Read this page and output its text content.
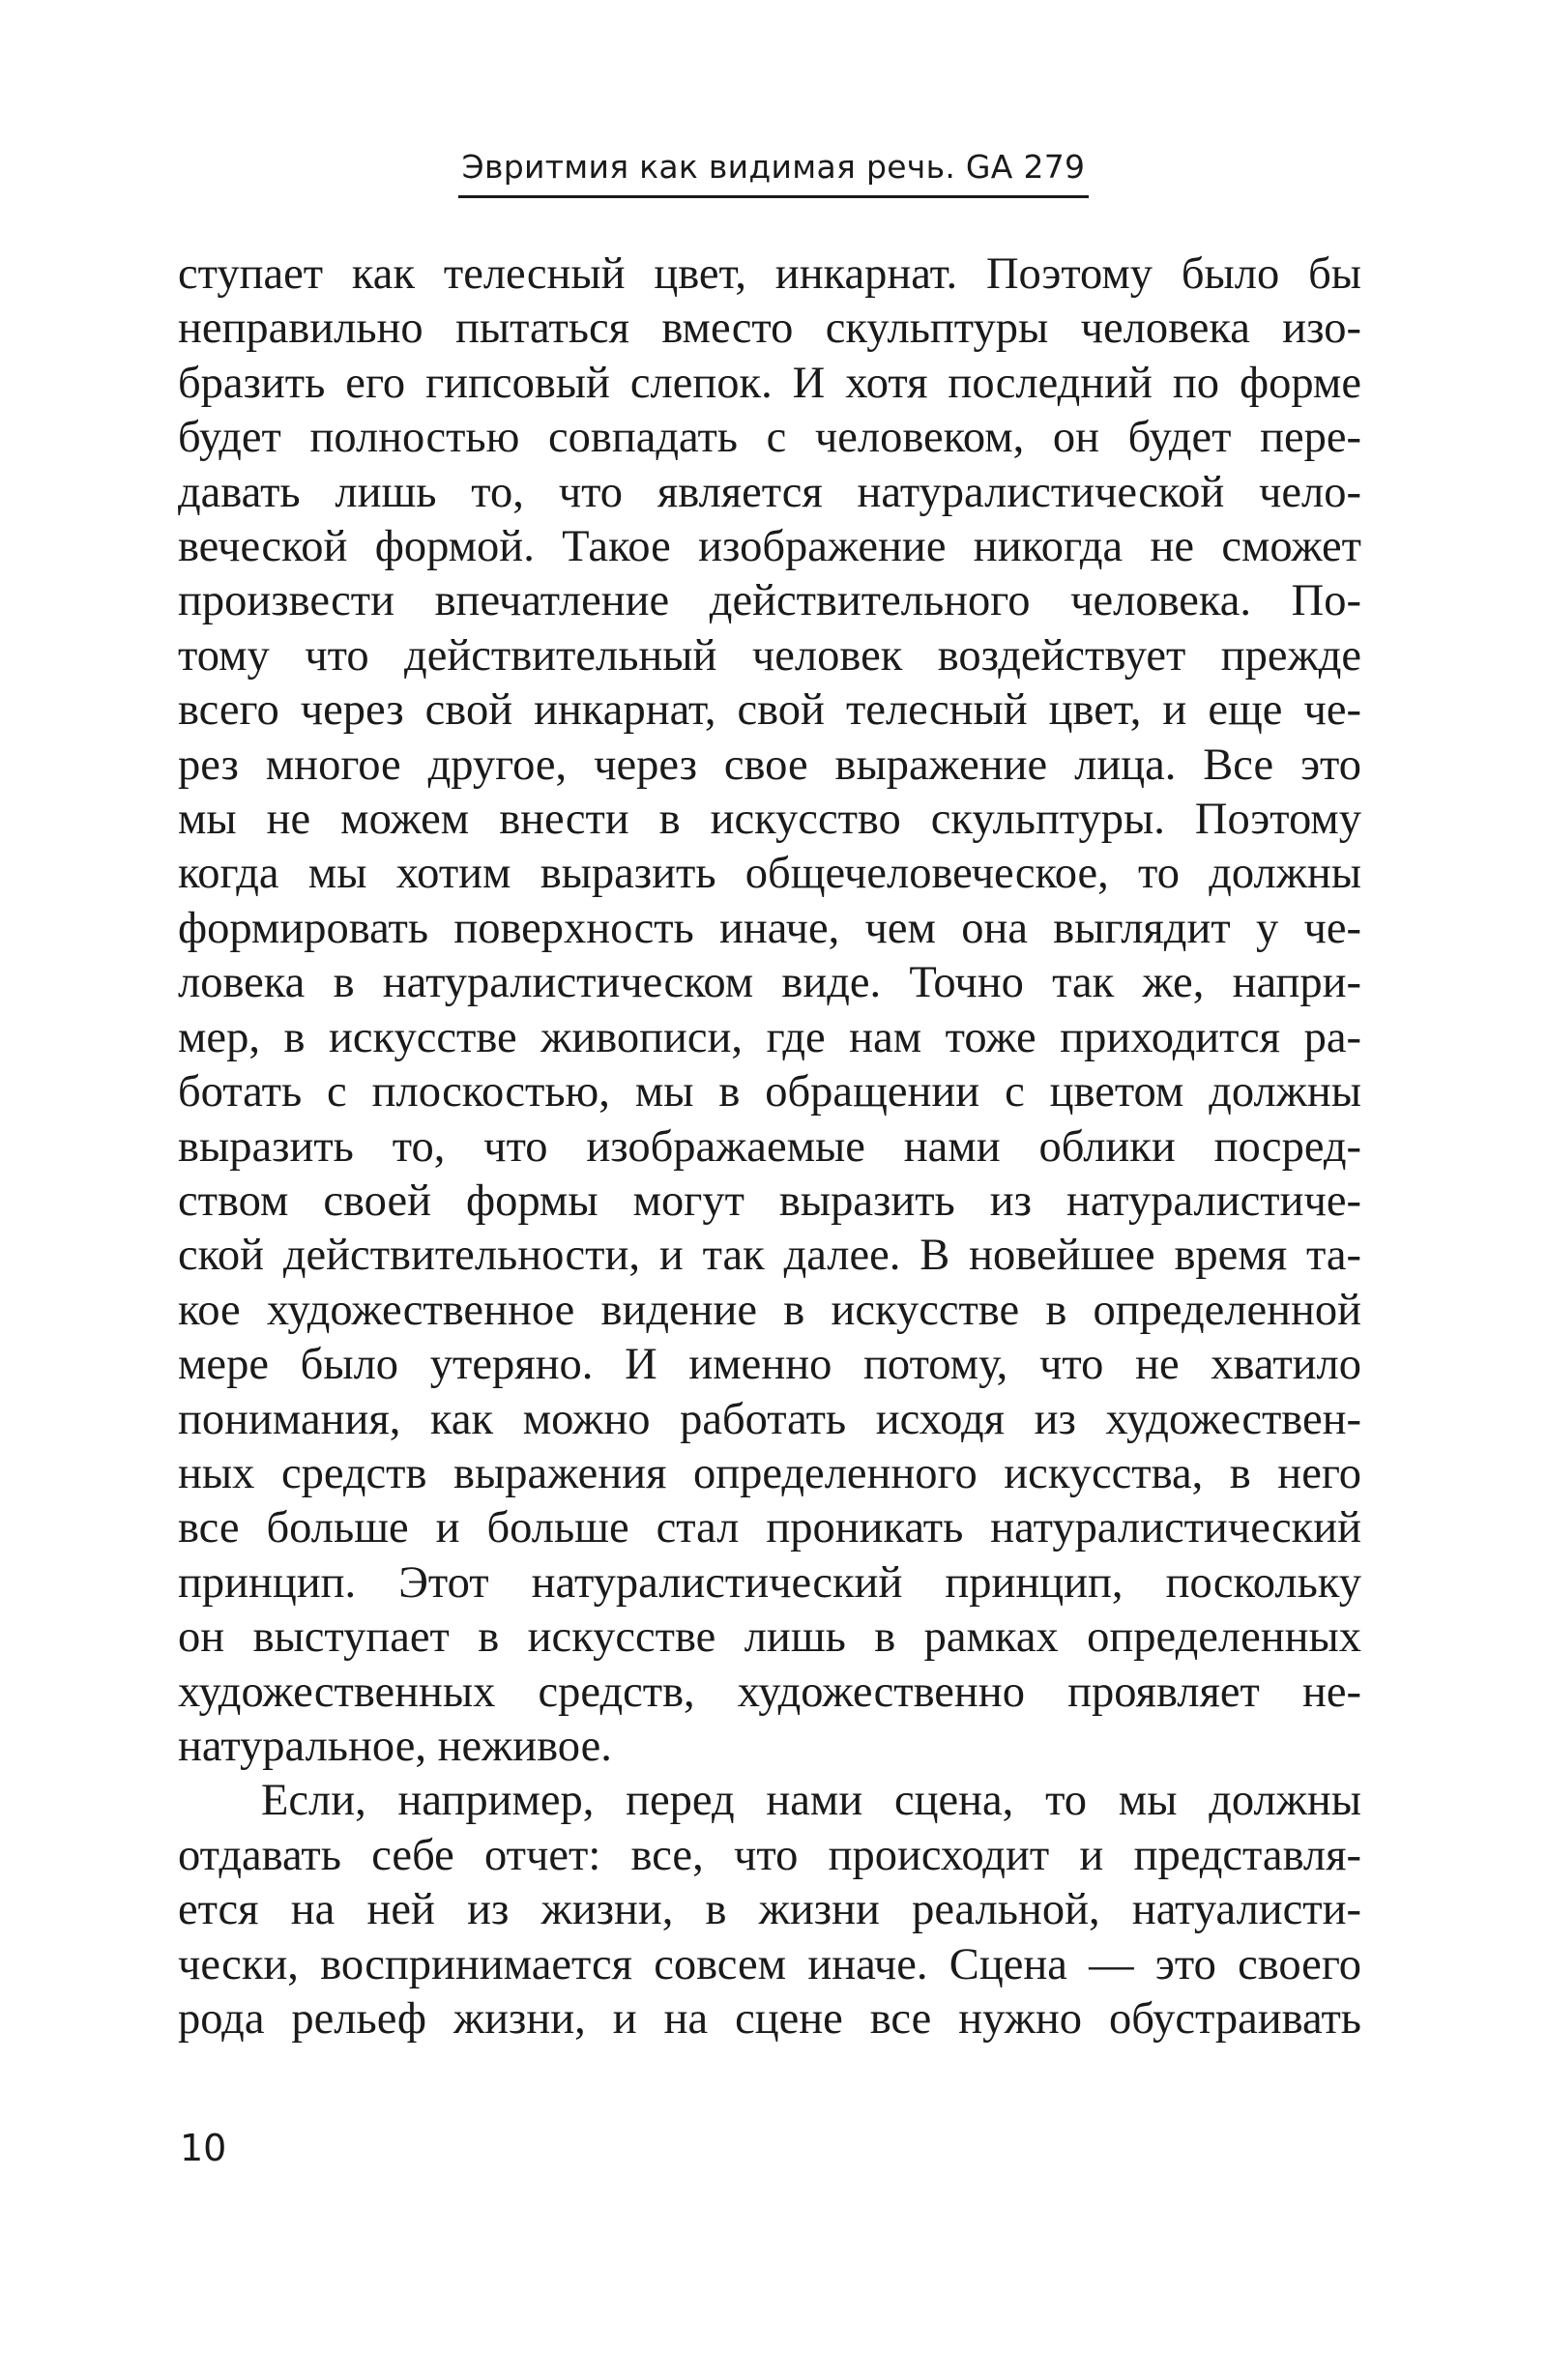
Эвритмия как видимая речь. GA 279
ступает как телесный цвет, инкарнат. Поэтому было бы
неправильно пытаться вместо скульптуры человека изо-
бразить его гипсовый слепок. И хотя последний по форме
будет полностью совпадать с человеком, он будет пере-
давать лишь то, что является натуралистической чело-
веческой формой. Такое изображение никогда не сможет
произвести впечатление действительного человека. По-
тому что действительный человек воздействует прежде
всего через свой инкарнат, свой телесный цвет, и еще че-
рез многое другое, через свое выражение лица. Все это
мы не можем внести в искусство скульптуры. Поэтому
когда мы хотим выразить общечеловеческое, то должны
формировать поверхность иначе, чем она выглядит у че-
ловека в натуралистическом виде. Точно так же, напри-
мер, в искусстве живописи, где нам тоже приходится ра-
ботать с плоскостью, мы в обращении с цветом должны
выразить то, что изображаемые нами облики посред-
ством своей формы могут выразить из натуралистиче-
ской действительности, и так далее. В новейшее время та-
кое художественное видение в искусстве в определенной
мере было утеряно. И именно потому, что не хватило
понимания, как можно работать исходя из художествен-
ных средств выражения определенного искусства, в него
все больше и больше стал проникать натуралистический
принцип. Этот натуралистический принцип, поскольку
он выступает в искусстве лишь в рамках определенных
художественных средств, художественно проявляет не-
натуральное, неживое.
Если, например, перед нами сцена, то мы должны
отдавать себе отчет: все, что происходит и представля-
ется на ней из жизни, в жизни реальной, натуалисти-
чески, воспринимается совсем иначе. Сцена — это своего
рода рельеф жизни, и на сцене все нужно обустраивать
10
